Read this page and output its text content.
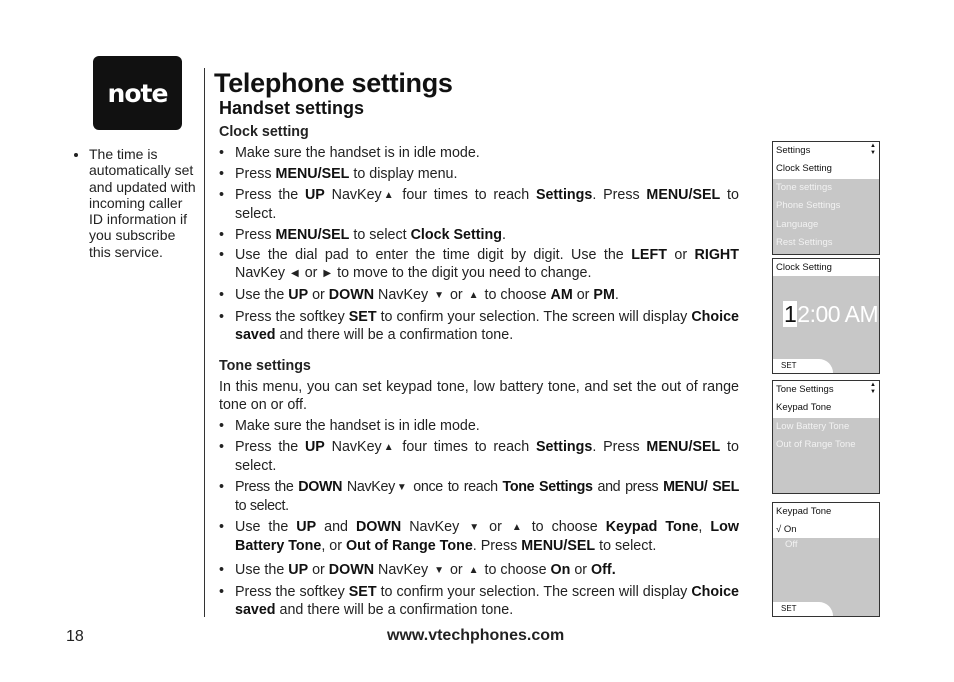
note
• The time is automatically set and updated with incoming caller ID information if you subscribe this service.
Telephone settings
Handset settings
Clock setting
• Make sure the handset is in idle mode.
• Press MENU/SEL to display menu.
• Press the UP NavKey ▲ four times to reach Settings. Press MENU/SEL to select.
• Press MENU/SEL to select Clock Setting.
• Use the dial pad to enter the time digit by digit. Use the LEFT or RIGHT NavKey ◀ or ▶ to move to the digit you need to change.
• Use the UP or DOWN NavKey ▼ or ▲ to choose AM or PM.
• Press the softkey SET to confirm your selection. The screen will display Choice saved and there will be a confirmation tone.
Tone settings
In this menu, you can set keypad tone, low battery tone, and set the out of range tone on or off.
• Make sure the handset is in idle mode.
• Press the UP NavKey ▲ four times to reach Settings. Press MENU/SEL to select.
• Press the DOWN NavKey ▼ once to reach Tone Settings and press MENU/ SEL to select.
• Use the UP and DOWN NavKey ▼ or ▲ to choose Keypad Tone, Low Battery Tone, or Out of Range Tone. Press MENU/SEL to select.
• Use the UP or DOWN NavKey ▼ or ▲ to choose On or Off.
• Press the softkey SET to confirm your selection. The screen will display Choice saved and there will be a confirmation tone.
Settings	▲
▼
Clock Setting
Tone settings
Phone Settings
Language
Rest Settings
Clock Setting
12:00 AM
SET
Tone Settings	▲
▼
Keypad Tone
Low Battery Tone
Out of Range Tone
Keypad Tone
√ On
Off
SET
18	www.vtechphones.com
